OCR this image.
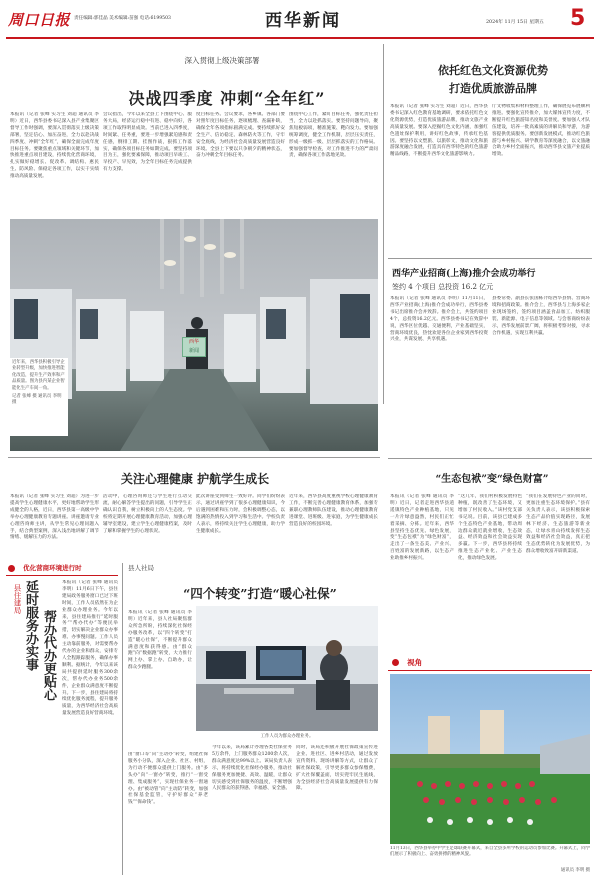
周口日报 责任编辑:郭佳晶 美术编辑:苗强 电话:6199503	西华新闻	2024年 11月 15日 星期五	5
深入贯彻上级决策部署
决战四季度 冲刺“全年红”
本报讯（记者 张峰 实习生 刘超 通讯员 李明）近日，西华县委书记深入县产业集聚区督导工作时强调，要深入贯彻落实上级决策部署，坚定信心、加压奋进，全力以赴决战四季度、冲刺“全年红”，确保全面完成年度目标任务。要聚焦重点领域和关键环节，加快推进重点项目建设，持续优化营商环境，扎实做好稳增长、促改革、调结构、惠民生、防风险、保稳定各项工作，以实干实绩推动高质量发展。
会议指出，今年以来全县上下围绕中心、服务大局，经济运行稳中有进、稳中向好，各项工作取得明显成效。当前已进入四季度，时间紧、任务重，要进一步增强紧迫感和责任感，倒排工期、挂图作战，狠抓工作落实，确保各项目标任务如期完成。要坚持项目为王，强化要素保障，推动项目早竣工、早投产、早见效，为全年目标任务完成提供有力支撑。
度目标任务。会议要求，各乡镇、各部门要对照年度目标任务，逐项梳理、查漏补缺，确保全年各项指标圆满完成。要持续抓好安全生产、信访稳定、森林防火等工作，守牢安全底线，为经济社会高质量发展营造良好环境。全县上下要以只争朝夕的精神状态，奋力冲刺全年目标任务。
围绕中心工作，紧盯目标任务，强化责任担当，全力以赴抓落实。要坚持问题导向，聚焦短板弱项，精准施策、靶向发力。要加强统筹调度，健全工作机制，层层压实责任，形成一级抓一级、层层抓落实的工作格局。要加强督导检查，对工作推进不力的严肃问责，确保各项工作落地见效。
西华
新闻
近年来，西华县积极引导企业转型升级，加快推进智能化改造，提升生产效率和产品质量。图为县内某企业智能化生产车间一角。
记者 张峰 摄 通讯员 李明 摄
依托红色文化资源优势
打造优质旅游品牌
本报讯（记者 张峰 实习生 刘超）近日，西华县委书记深入红色教育基地调研，要求依托红色文化资源优势，打造优质旅游品牌，推动文旅产业高质量发展。要深入挖掘红色文化内涵，加强红色遗址保护利用，讲好红色故事，传承红色基因。要坚持以文塑旅、以旅彰文，推动文化和旅游深度融合发展，打造具有西华特色的红色旅游精品线路，不断提升西华文化旅游影响力。
厅文物收集和材料整理工作，确保展览布展顺利推进。要强化宣传推介，加大媒体宣传力度，不断提升红色旅游知名度和美誉度。要加强人才队伍建设，培养一批高素质的讲解员和导游，为游客提供优质服务。要创新发展模式，推动红色旅游与乡村振兴、研学教育等深度融合，以文旅融合助力乡村全面振兴，推动西华县文旅产业提质增效。
西华产业招商(上海)推介会成功举行
签约 4 个项目 总投资 16.2 亿元
本报讯（记者 张峰 通讯员 李明）11月11日，西华产业招商(上海)推介会成功举行，西华县委书记出席推介会并致辞。推介会上，共签约项目4个，总投资16.2亿元。西华县委书记在致辞中说，西华区位优越、交通便利，产业基础坚实，营商环境优良，热忱欢迎各位企业家到西华投资兴业，共谋发展、共享机遇。
县委常委、副县长张国栋介绍西华县情、营商环境和招商政策。推介会上，西华县与上海多家企业现场签约，签约项目涵盖食品加工、纺织服装、新能源、电子信息等领域。与会客商纷纷表示，西华发展前景广阔，将积极考察对接，寻求合作机遇，实现互利共赢。
“生态包袱”变“绿色财富”
本报讯（记者 张峰 通讯员 李明）近日，记者走进西华县逍遥镇特色产业种植基地，只见一片片绿意盎然，村民们正忙着采摘、分拣。近年来，西华县坚持生态优先、绿色发展，变“生态包袱”为“绿色财富”，走出了一条生态美、产业兴、百姓富的发展新路，以生态产业助推乡村振兴。
“这几年，我们村积极发展特色种植，既改善了生态环境，又增加了村民收入。”该村党支部书记说。目前，该县已建成多个生态特色产业基地，带动周边群众就近就业增收，生态效益、经济效益和社会效益实现多赢。下一步，西华县将持续推进生态产业化、产业生态化，推动绿色发展。
“我们在发展特色产业的同时，更加注重生态环境保护。”县有关负责人表示，该县积极探索生态产品价值实现路径，发展林下经济、生态旅游等新业态，让绿水青山持续发挥生态效益和经济社会效益，真正把生态优势转化为发展优势，为群众增收致富开辟新渠道。
关注心理健康 护航学生成长
本报讯（记者 张峰 实习生 刘超）为进一步提高学生心理健康水平，更好地帮助学生形成健全的人格，近日，西华县第一高级中学举办心理健康教育专题讲座。讲座邀请专业心理咨询师主讲，从学生常见心理问题入手，结合典型案例，深入浅出地讲解了调节情绪、缓解压力的方法。
活动中，心理咨询师还与学生进行互动交流，耐心解答学生提出的问题，引导学生正确认识自我，树立积极向上的人生态度。学校将定期开展心理健康教育活动，加强心理辅导室建设，建立学生心理健康档案，及时了解和掌握学生的心理状况。
此次讲座受到师生一致好评。同学们纷纷表示，通过讲座学到了很多心理健康知识，今后遇到困难和压力时，会积极调整心态，以饱满的热情投入到学习和生活中。学校负责人表示，将持续关注学生心理健康，助力学生健康成长。
近年来，西华县高度重视学校心理健康教育工作，不断完善心理健康教育体系，加强专兼职心理教师队伍建设，推动心理健康教育进课堂、进班级、进家庭，为学生健康成长营造良好的校园环境。
$^{优化营商环境进行时}$
县住建局 延时服务办实事 帮办代办更贴心
本报讯（记者 张峰 通讯员 李明）11月6日下午，县住建局政务服务窗口已过下班时间，工作人员依然在为企业群众办理业务。今年以来，县住建局推行“延时服务”“帮办代办”等便民举措，切实解决企业群众办事难、办事慢问题。工作人员主动靠前服务，对需要帮办代办的企业和群众，安排专人全程跟踪服务，确保办事顺利。据统计，今年以来该局共提供延时服务300余次，帮办代办业务500余件，企业群众满意度不断提升。下一步，县住建局将持续优化服务流程，提升服务质量，为西华经济社会高质量发展营造良好营商环境。
县人社局
“四个转变”打造“暖心社保”
本报讯（记者 张峰 通讯员 李明）近年来，县人社局聚焦群众所急所盼，持续深化社保经办服务改革，以“四个转变”打造“暖心社保”，不断提升群众满意度和获得感。由“群众跑”向“数据跑”转变，大力推行网上办、掌上办、自助办，让群众少跑腿。
工作人员为群众办理业务。
由“窗口等”向“主动办”转变，组建社保服务小分队，深入企业、社区、村组，为行动不便群众提供上门服务。由“多头办”向“一窗办”转变，推行“一窗受理、集成服务”，实现社保业务一窗通办。由“被动管”向“主动防”转变，加强社保基金监管，守护好群众“养老钱”“保命钱”。
今年以来，该局累计办理各类社保业务5万余件，上门服务群众1200余人次，群众满意度达99%以上。该局负责人表示，将持续优化社保经办服务，推动社保服务更加便捷、高效、温暖，让群众切实感受到社保服务的温度，不断增强人民群众的获得感、幸福感、安全感。
同时，该局还积极开展社保政策宣传进企业、进社区、进乡村活动，通过发放宣传资料、现场讲解等方式，让群众了解社保政策，引导更多群众参保缴费，扩大社保覆盖面，切实兜牢民生底线，为全县经济社会高质量发展提供有力保障。
$^{视角}$
11月13日，西华县举办中学生足球联赛开幕式，来自全县多所学校的运动员参加比赛。开幕式上，同学们展示了积极向上、奋勇拼搏的精神风貌。
通讯员 李明 摄
